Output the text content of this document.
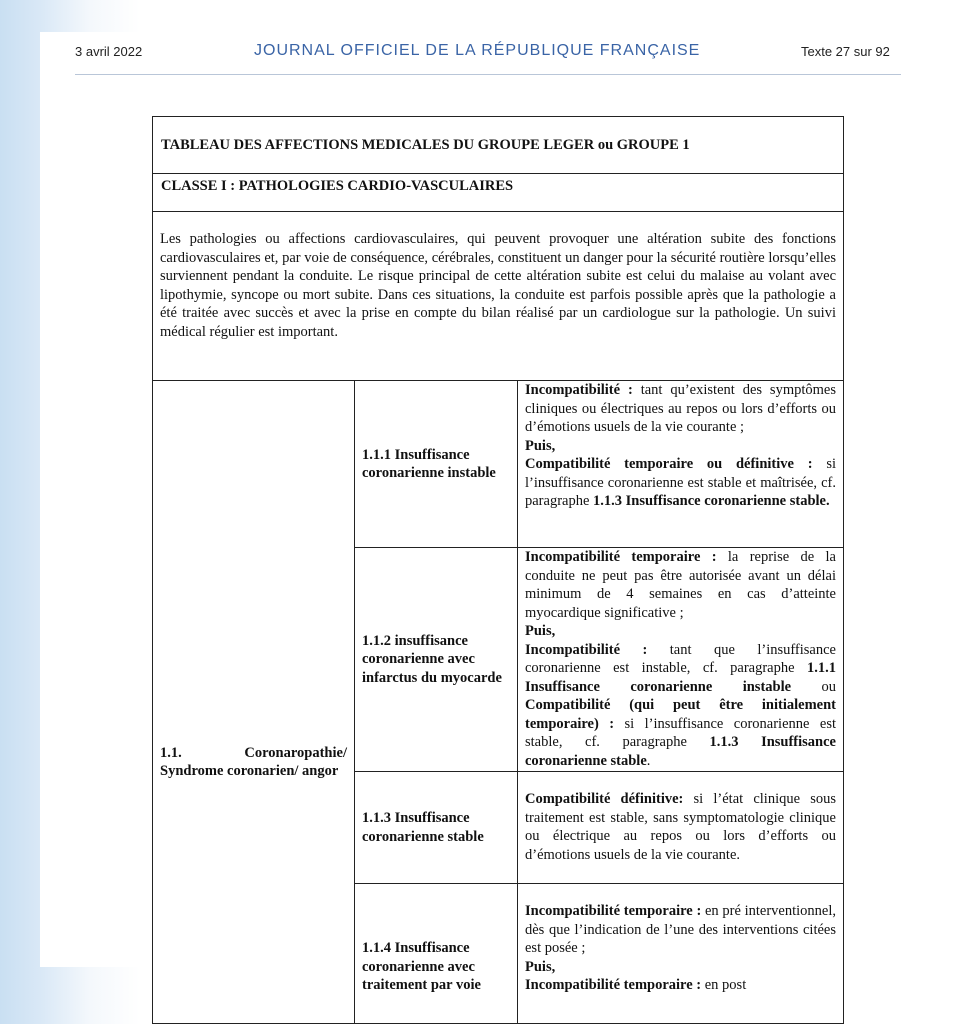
3 avril 2022	JOURNAL OFFICIEL DE LA RÉPUBLIQUE FRANÇAISE	Texte 27 sur 92
TABLEAU DES AFFECTIONS MEDICALES DU GROUPE LEGER ou GROUPE 1		
CLASSE I : PATHOLOGIES CARDIO-VASCULAIRES		
Les pathologies ou affections cardiovasculaires, qui peuvent provoquer une altération subite des fonctions cardiovasculaires et, par voie de conséquence, cérébrales, constituent un danger pour la sécurité routière lorsqu’elles surviennent pendant la conduite. Le risque principal de cette altération subite est celui du malaise au volant avec lipothymie, syncope ou mort subite. Dans ces situations, la conduite est parfois possible après que la pathologie a été traitée avec succès et avec la prise en compte du bilan réalisé par un cardiologue sur la pathologie. Un suivi médical régulier est important.		

1.1. Coronaropathie/ Syndrome coronarien/ angor	1.1.1 Insuffisance coronarienne instable	Incompatibilité : tant qu’existent des symptômes cliniques ou électriques au repos ou lors d’efforts ou d’émotions usuels de la vie courante ;
Puis,
Compatibilité temporaire ou définitive : si l’insuffisance coronarienne est stable et maîtrisée, cf. paragraphe 1.1.3 Insuffisance coronarienne stable.
	1.1.2 insuffisance coronarienne avec infarctus du myocarde	Incompatibilité temporaire : la reprise de la conduite ne peut pas être autorisée avant un délai minimum de 4 semaines en cas d’atteinte myocardique significative ;
Puis,
Incompatibilité : tant que l’insuffisance coronarienne est instable, cf. paragraphe 1.1.1 Insuffisance coronarienne instable ou Compatibilité (qui peut être initialement temporaire) : si l’insuffisance coronarienne est stable, cf. paragraphe 1.1.3 Insuffisance coronarienne stable.
	1.1.3 Insuffisance coronarienne stable	Compatibilité définitive: si l’état clinique sous traitement est stable, sans symptomatologie clinique ou électrique au repos ou lors d’efforts ou d’émotions usuels de la vie courante.
	1.1.4 Insuffisance coronarienne avec traitement par voie	Incompatibilité temporaire : en pré interventionnel, dès que l’indication de l’une des interventions citées est posée ;
Puis,
Incompatibilité temporaire : en post
